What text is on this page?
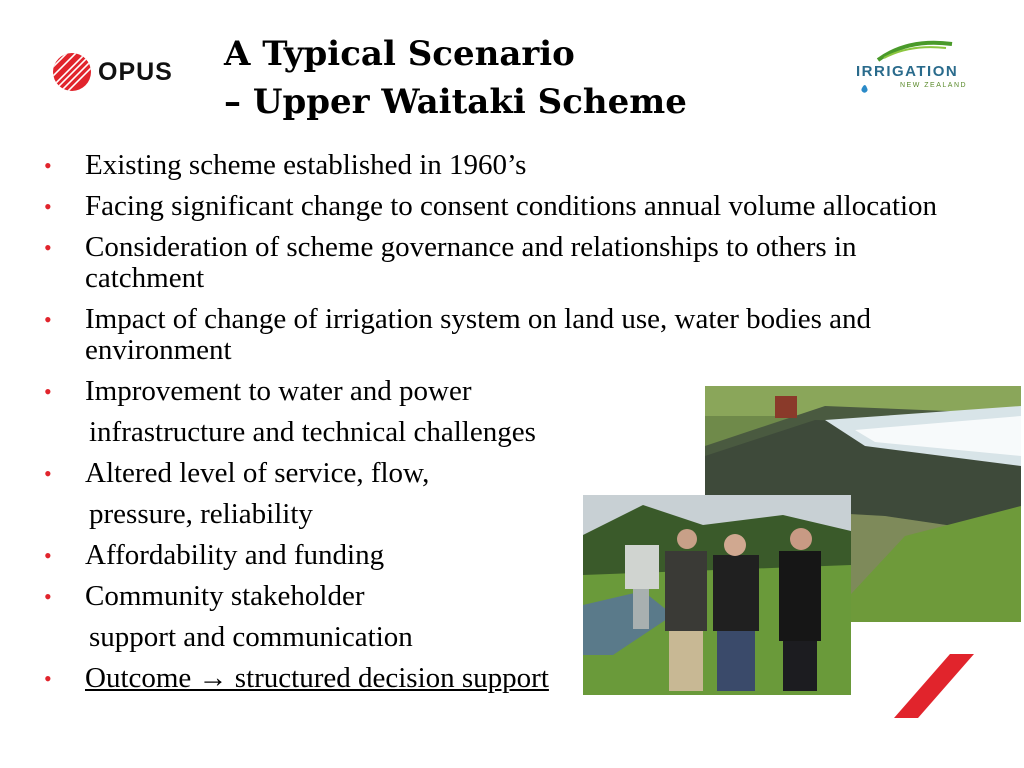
OPUS A Typical Scenario
– Upper Waitaki Scheme
IRRIGATION
NEW ZEALAND
• Existing scheme established in 1960’s
• Facing significant change to consent conditions annual volume allocation
• Consideration of scheme governance and relationships to others in catchment
• Impact of change of irrigation system on land use, water bodies and environment
• Improvement to water and power
infrastructure and technical challenges
• Altered level of service, flow,
pressure, reliability
• Affordability and funding
• Community stakeholder
support and communication
• Outcome → structured decision support
